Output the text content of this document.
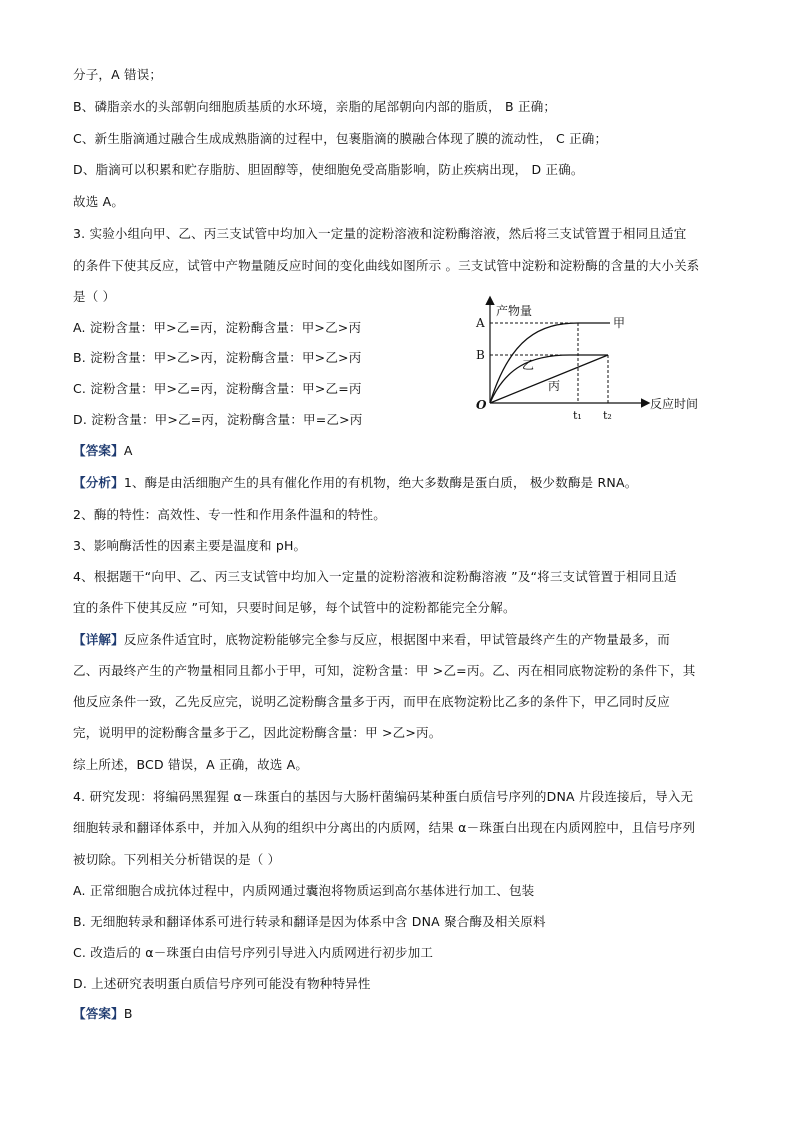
分子，A 错误；
B、磷脂亲水的头部朝向细胞质基质的水环境，亲脂的尾部朝向内部的脂质， B 正确；
C、新生脂滴通过融合生成成熟脂滴的过程中，包裹脂滴的膜融合体现了膜的流动性， C 正确；
D、脂滴可以积累和贮存脂肪、胆固醇等，使细胞免受高脂影响，防止疾病出现， D 正确。
故选 A。
3. 实验小组向甲、乙、丙三支试管中均加入一定量的淀粉溶液和淀粉酶溶液，然后将三支试管置于相同且适宜
的条件下使其反应，试管中产物量随反应时间的变化曲线如图所示 。三支试管中淀粉和淀粉酶的含量的大小关系
是（ ）
A. 淀粉含量：甲>乙=丙，淀粉酶含量：甲>乙>丙
B. 淀粉含量：甲>乙>丙，淀粉酶含量：甲>乙>丙
C. 淀粉含量：甲>乙=丙，淀粉酶含量：甲>乙=丙
D. 淀粉含量：甲>乙=丙，淀粉酶含量：甲=乙>丙
【答案】A
【分析】1、酶是由活细胞产生的具有催化作用的有机物，绝大多数酶是蛋白质， 极少数酶是 RNA。
2、酶的特性：高效性、专一性和作用条件温和的特性。
3、影响酶活性的因素主要是温度和 pH。
4、根据题干“向甲、乙、丙三支试管中均加入一定量的淀粉溶液和淀粉酶溶液 ”及“将三支试管置于相同且适
宜的条件下使其反应 ”可知，只要时间足够，每个试管中的淀粉都能完全分解。
【详解】反应条件适宜时，底物淀粉能够完全参与反应，根据图中来看，甲试管最终产生的产物量最多，而
乙、丙最终产生的产物量相同且都小于甲，可知，淀粉含量：甲 >乙=丙。乙、丙在相同底物淀粉的条件下，其
他反应条件一致，乙先反应完，说明乙淀粉酶含量多于丙，而甲在底物淀粉比乙多的条件下，甲乙同时反应
完，说明甲的淀粉酶含量多于乙，因此淀粉酶含量：甲 >乙>丙。
综上所述，BCD 错误，A 正确，故选 A。
4. 研究发现：将编码黑猩猩 α－珠蛋白的基因与大肠杆菌编码某种蛋白质信号序列的DNA 片段连接后，导入无
细胞转录和翻译体系中，并加入从狗的组织中分离出的内质网，结果 α－珠蛋白出现在内质网腔中，且信号序列
被切除。下列相关分析错误的是（ ）
A. 正常细胞合成抗体过程中，内质网通过囊泡将物质运到高尔基体进行加工、包装
B. 无细胞转录和翻译体系可进行转录和翻译是因为体系中含 DNA 聚合酶及相关原料
C. 改造后的 α－珠蛋白由信号序列引导进入内质网进行初步加工
D. 上述研究表明蛋白质信号序列可能没有物种特异性
【答案】B
产物量
反应时间
O
A
B
t₁ t₂
甲
乙
丙
